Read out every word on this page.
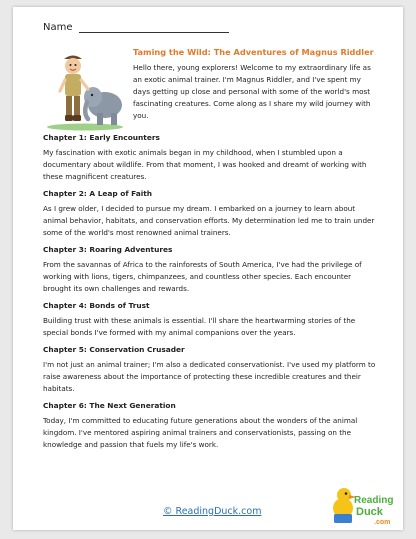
Name
Taming the Wild: The Adventures of Magnus Riddler
Hello there, young explorers! Welcome to my extraordinary life as an exotic animal trainer. I'm Magnus Riddler, and I've spent my days getting up close and personal with some of the world's most fascinating creatures. Come along as I share my wild journey with you.
Chapter 1: Early Encounters
My fascination with exotic animals began in my childhood, when I stumbled upon a documentary about wildlife. From that moment, I was hooked and dreamt of working with these magnificent creatures.
Chapter 2: A Leap of Faith
As I grew older, I decided to pursue my dream. I embarked on a journey to learn about animal behavior, habitats, and conservation efforts. My determination led me to train under some of the world's most renowned animal trainers.
Chapter 3: Roaring Adventures
From the savannas of Africa to the rainforests of South America, I've had the privilege of working with lions, tigers, chimpanzees, and countless other species. Each encounter brought its own challenges and rewards.
Chapter 4: Bonds of Trust
Building trust with these animals is essential. I'll share the heartwarming stories of the special bonds I've formed with my animal companions over the years.
Chapter 5: Conservation Crusader
I'm not just an animal trainer; I'm also a dedicated conservationist. I've used my platform to raise awareness about the importance of protecting these incredible creatures and their habitats.
Chapter 6: The Next Generation
Today, I'm committed to educating future generations about the wonders of the animal kingdom. I've mentored aspiring animal trainers and conservationists, passing on the knowledge and passion that fuels my life's work.
© ReadingDuck.com
Reading
Duck
.com
